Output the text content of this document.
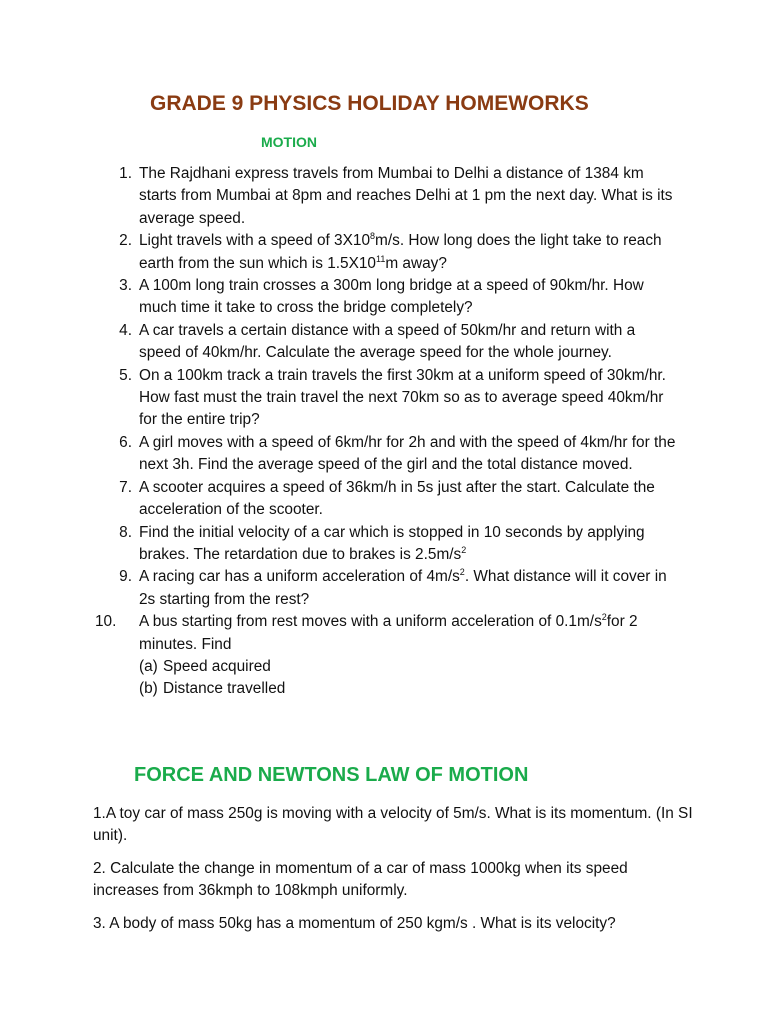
GRADE 9 PHYSICS HOLIDAY HOMEWORKS
MOTION
1. The Rajdhani express travels from Mumbai to Delhi a distance of 1384 km starts from Mumbai at 8pm and reaches Delhi at 1 pm the next day. What is its average speed.
2. Light travels with a speed of $3X10^8m/s$. How long does the light take to reach earth from the sun which is $1.5X10^{11}m$ away?
3. A 100m long train crosses a 300m long bridge at a speed of 90km/hr. How much time it take to cross the bridge completely?
4. A car travels a certain distance with a speed of 50km/hr and return with a speed of 40km/hr. Calculate the average speed for the whole journey.
5. On a 100km track a train travels the first 30km at a uniform speed of 30km/hr. How fast must the train travel the next 70km so as to average speed 40km/hr for the entire trip?
6. A girl moves with a speed of 6km/hr for 2h and with the speed of 4km/hr for the next 3h. Find the average speed of the girl and the total distance moved.
7. A scooter acquires a speed of 36km/h in 5s just after the start. Calculate the acceleration of the scooter.
8. Find the initial velocity of a car which is stopped in 10 seconds by applying brakes. The retardation due to brakes is $2.5m/s^2$
9. A racing car has a uniform acceleration of $4m/s^2$. What distance will it cover in 2s starting from the rest?
10.	A bus starting from rest moves with a uniform acceleration of $0.1m/s^2for$ 2 minutes. Find
(a) Speed acquired
(b) Distance travelled
FORCE AND NEWTONS LAW OF MOTION

1.A toy car of mass 250g is moving with a velocity of 5m/s. What is its momentum. (In SI unit).

2. Calculate the change in momentum of a car of mass 1000kg when its speed increases from 36kmph to 108kmph uniformly.

3. A body of mass 50kg has a momentum of 250 kgm/s . What is its velocity?
